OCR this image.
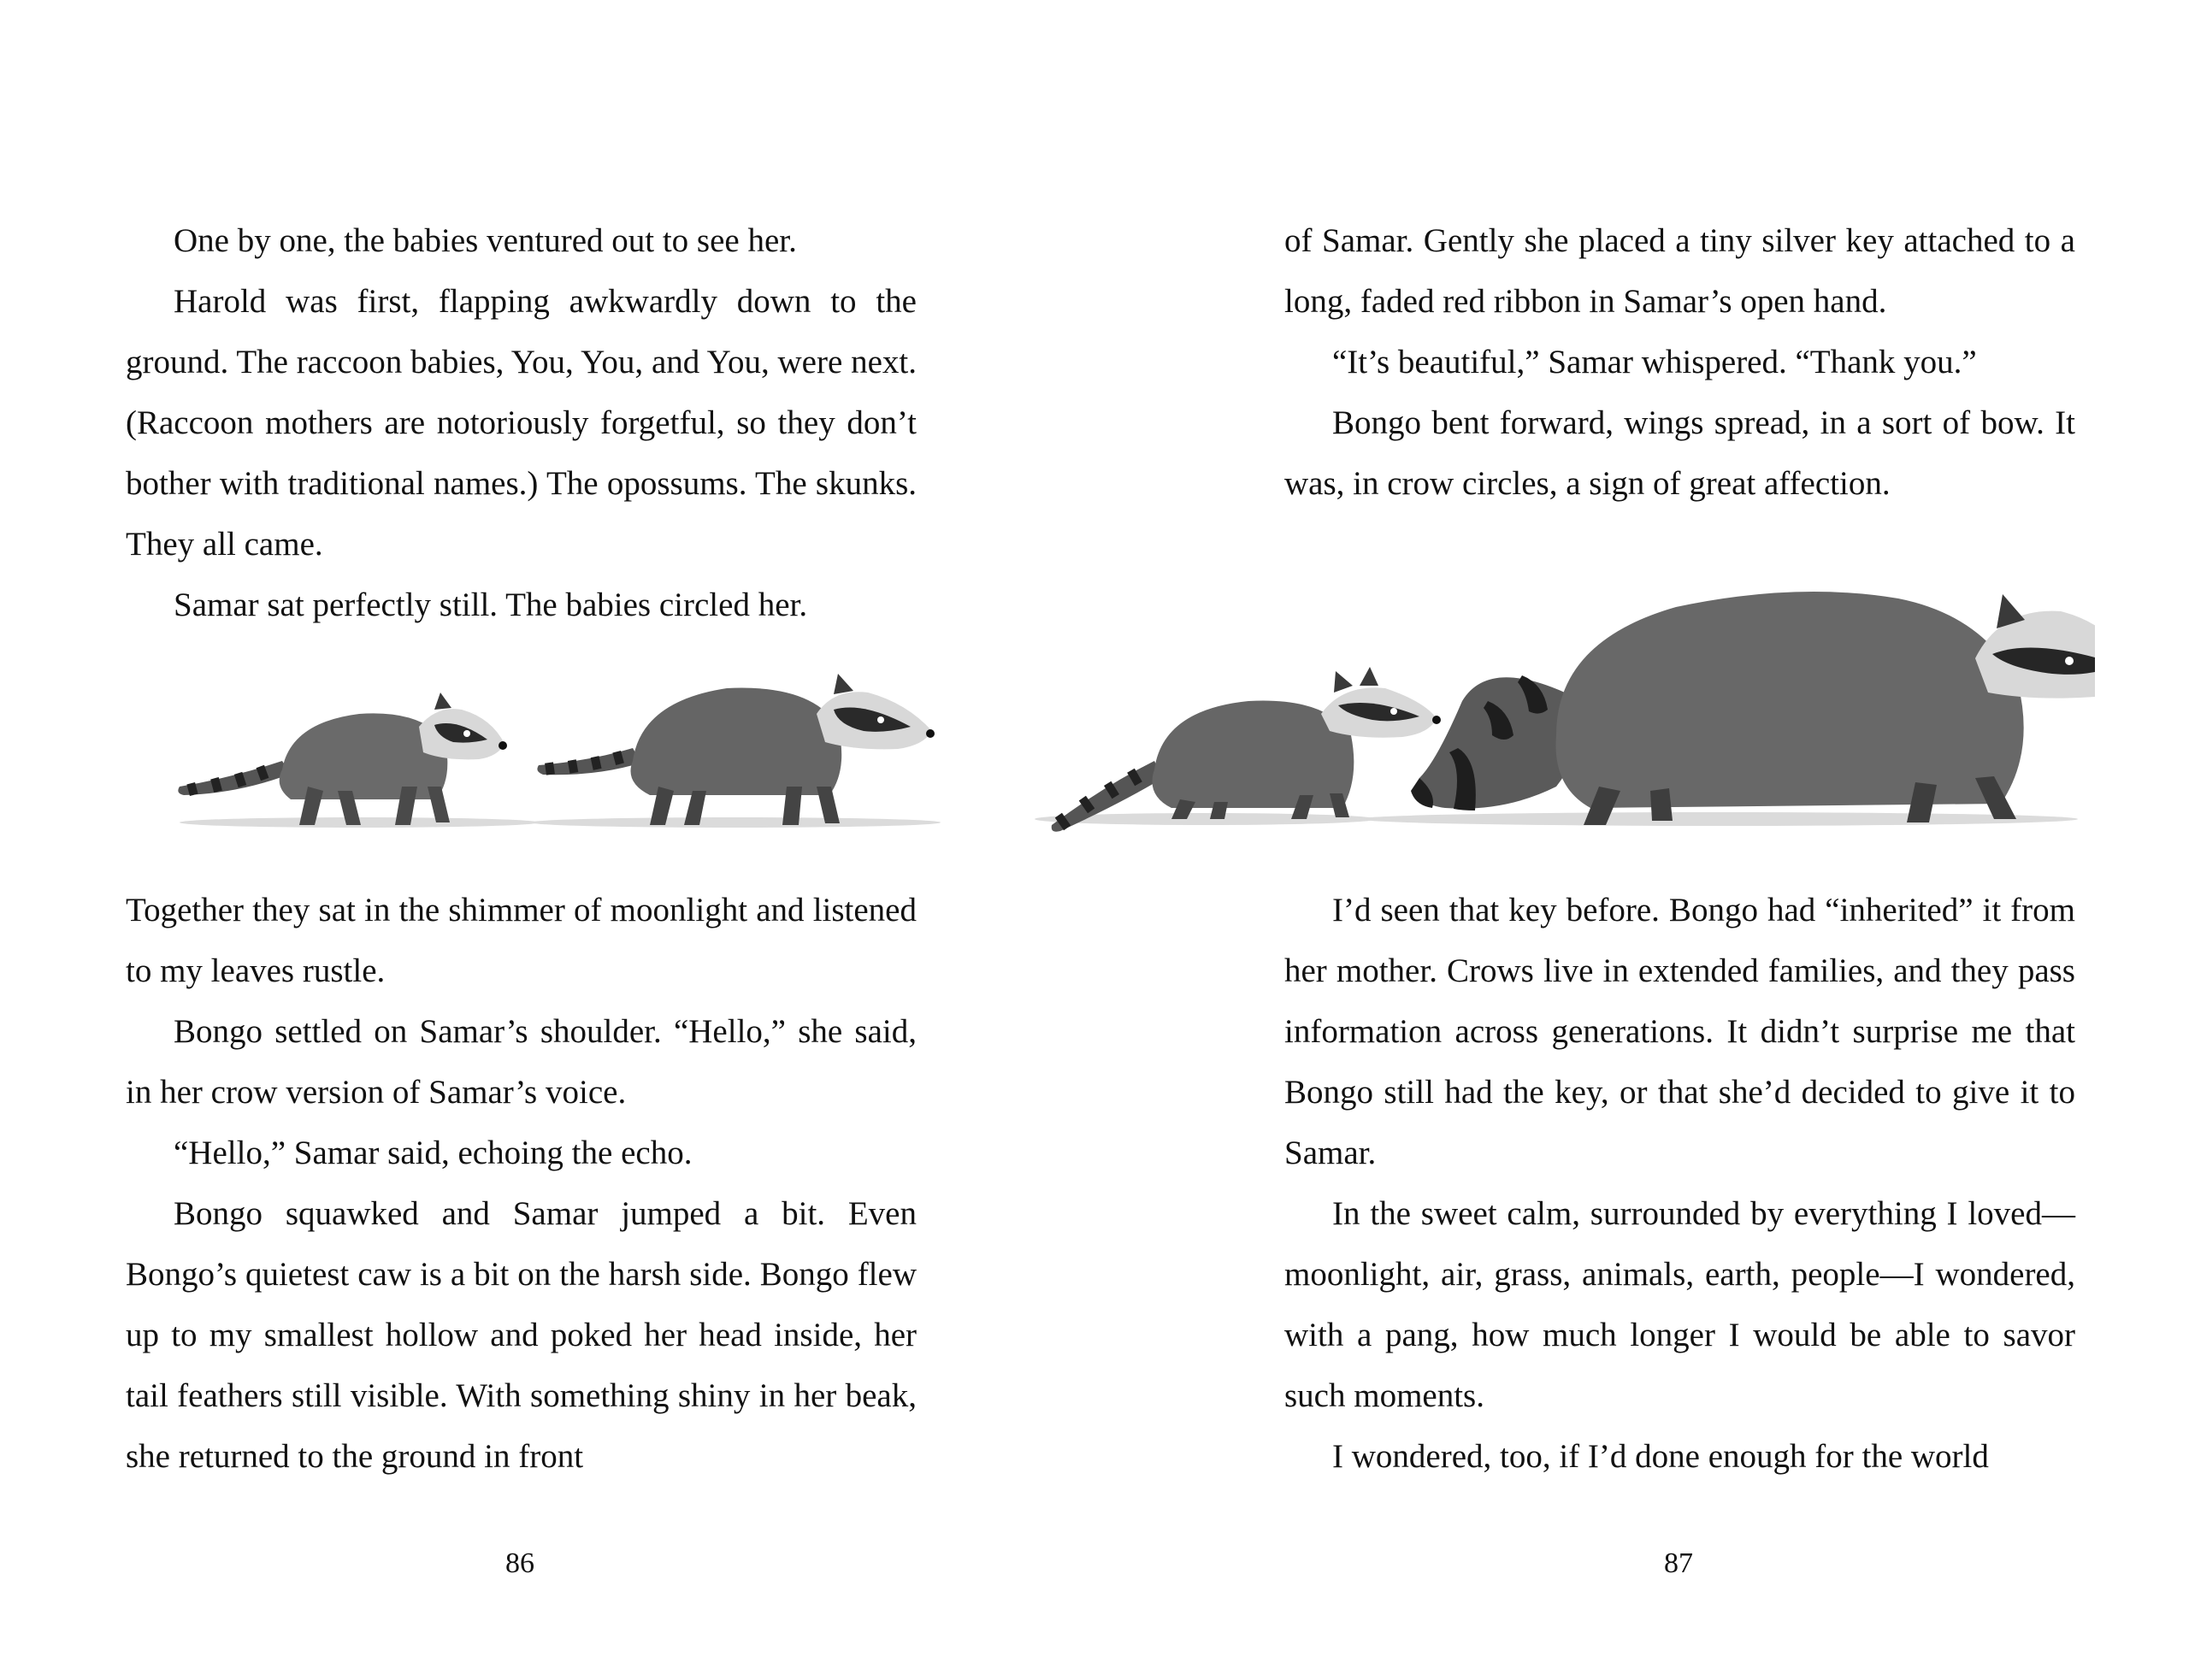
One by one, the babies ventured out to see her.

Harold was first, flapping awkwardly down to the ground. The raccoon babies, You, You, and You, were next. (Raccoon mothers are notoriously forgetful, so they don’t bother with traditional names.) The opossums. The skunks. They all came.

Samar sat perfectly still. The babies circled her.

Together they sat in the shimmer of moonlight and listened to my leaves rustle.

Bongo settled on Samar’s shoulder. “Hello,” she said, in her crow version of Samar’s voice.

“Hello,” Samar said, echoing the echo.

Bongo squawked and Samar jumped a bit. Even Bongo’s quietest caw is a bit on the harsh side. Bongo flew up to my smallest hollow and poked her head inside, her tail feathers still visible. With something shiny in her beak, she returned to the ground in front

86

of Samar. Gently she placed a tiny silver key attached to a long, faded red ribbon in Samar’s open hand.

“It’s beautiful,” Samar whispered. “Thank you.”

Bongo bent forward, wings spread, in a sort of bow. It was, in crow circles, a sign of great affection.

I’d seen that key before. Bongo had “inherited” it from her mother. Crows live in extended families, and they pass information across generations. It didn’t surprise me that Bongo still had the key, or that she’d decided to give it to Samar.

In the sweet calm, surrounded by everything I loved—moonlight, air, grass, animals, earth, people—I wondered, with a pang, how much longer I would be able to savor such moments.

I wondered, too, if I’d done enough for the world

87
